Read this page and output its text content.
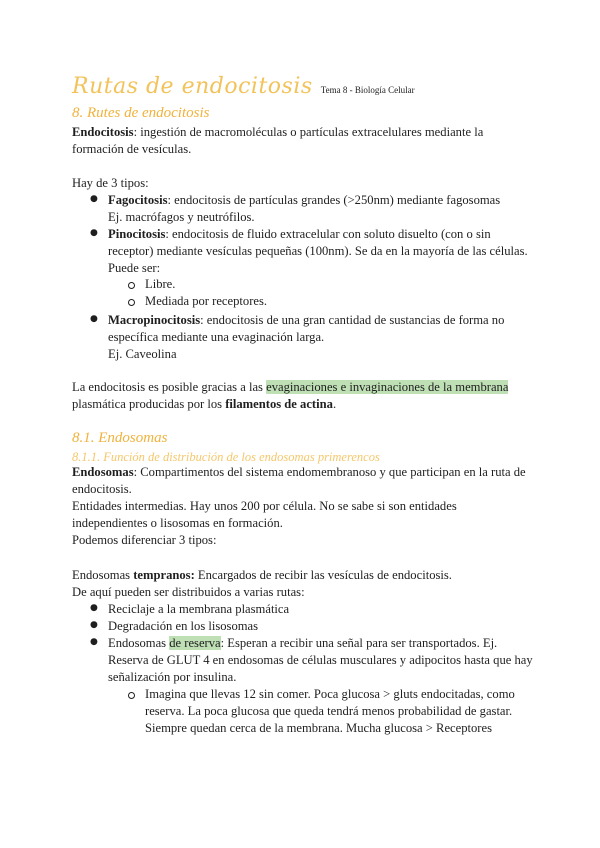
Rutas de endocitosis Tema 8 - Biología Celular
8. Rutes de endocitosis
Endocitosis: ingestión de macromoléculas o partículas extracelulares mediante la
formación de vesículas.
Hay de 3 tipos:
● Fagocitosis: endocitosis de partículas grandes (>250nm) mediante fagosomas
Ej. macrófagos y neutrófilos.
● Pinocitosis: endocitosis de fluido extracelular con soluto disuelto (con o sin
receptor) mediante vesículas pequeñas (100nm). Se da en la mayoría de las células.
Puede ser:
Libre.
Mediada por receptores.
● Macropinocitosis: endocitosis de una gran cantidad de sustancias de forma no
específica mediante una evaginación larga.
Ej. Caveolina
La endocitosis es posible gracias a las evaginaciones e invaginaciones de la membrana
plasmática producidas por los filamentos de actina.
8.1. Endosomas
8.1.1. Función de distribución de los endosomas primerencos
Endosomas: Compartimentos del sistema endomembranoso y que participan en la ruta de
endocitosis.
Entidades intermedias. Hay unos 200 por célula. No se sabe si son entidades
independientes o lisosomas en formación.
Podemos diferenciar 3 tipos:
Endosomas tempranos: Encargados de recibir las vesículas de endocitosis.
De aquí pueden ser distribuidos a varias rutas:
● Reciclaje a la membrana plasmática
● Degradación en los lisosomas
● Endosomas de reserva: Esperan a recibir una señal para ser transportados. Ej.
Reserva de GLUT 4 en endosomas de células musculares y adipocitos hasta que hay
señalización por insulina.
Imagina que llevas 12 sin comer. Poca glucosa > gluts endocitadas, como
reserva. La poca glucosa que queda tendrá menos probabilidad de gastar.
Siempre quedan cerca de la membrana. Mucha glucosa > Receptores
